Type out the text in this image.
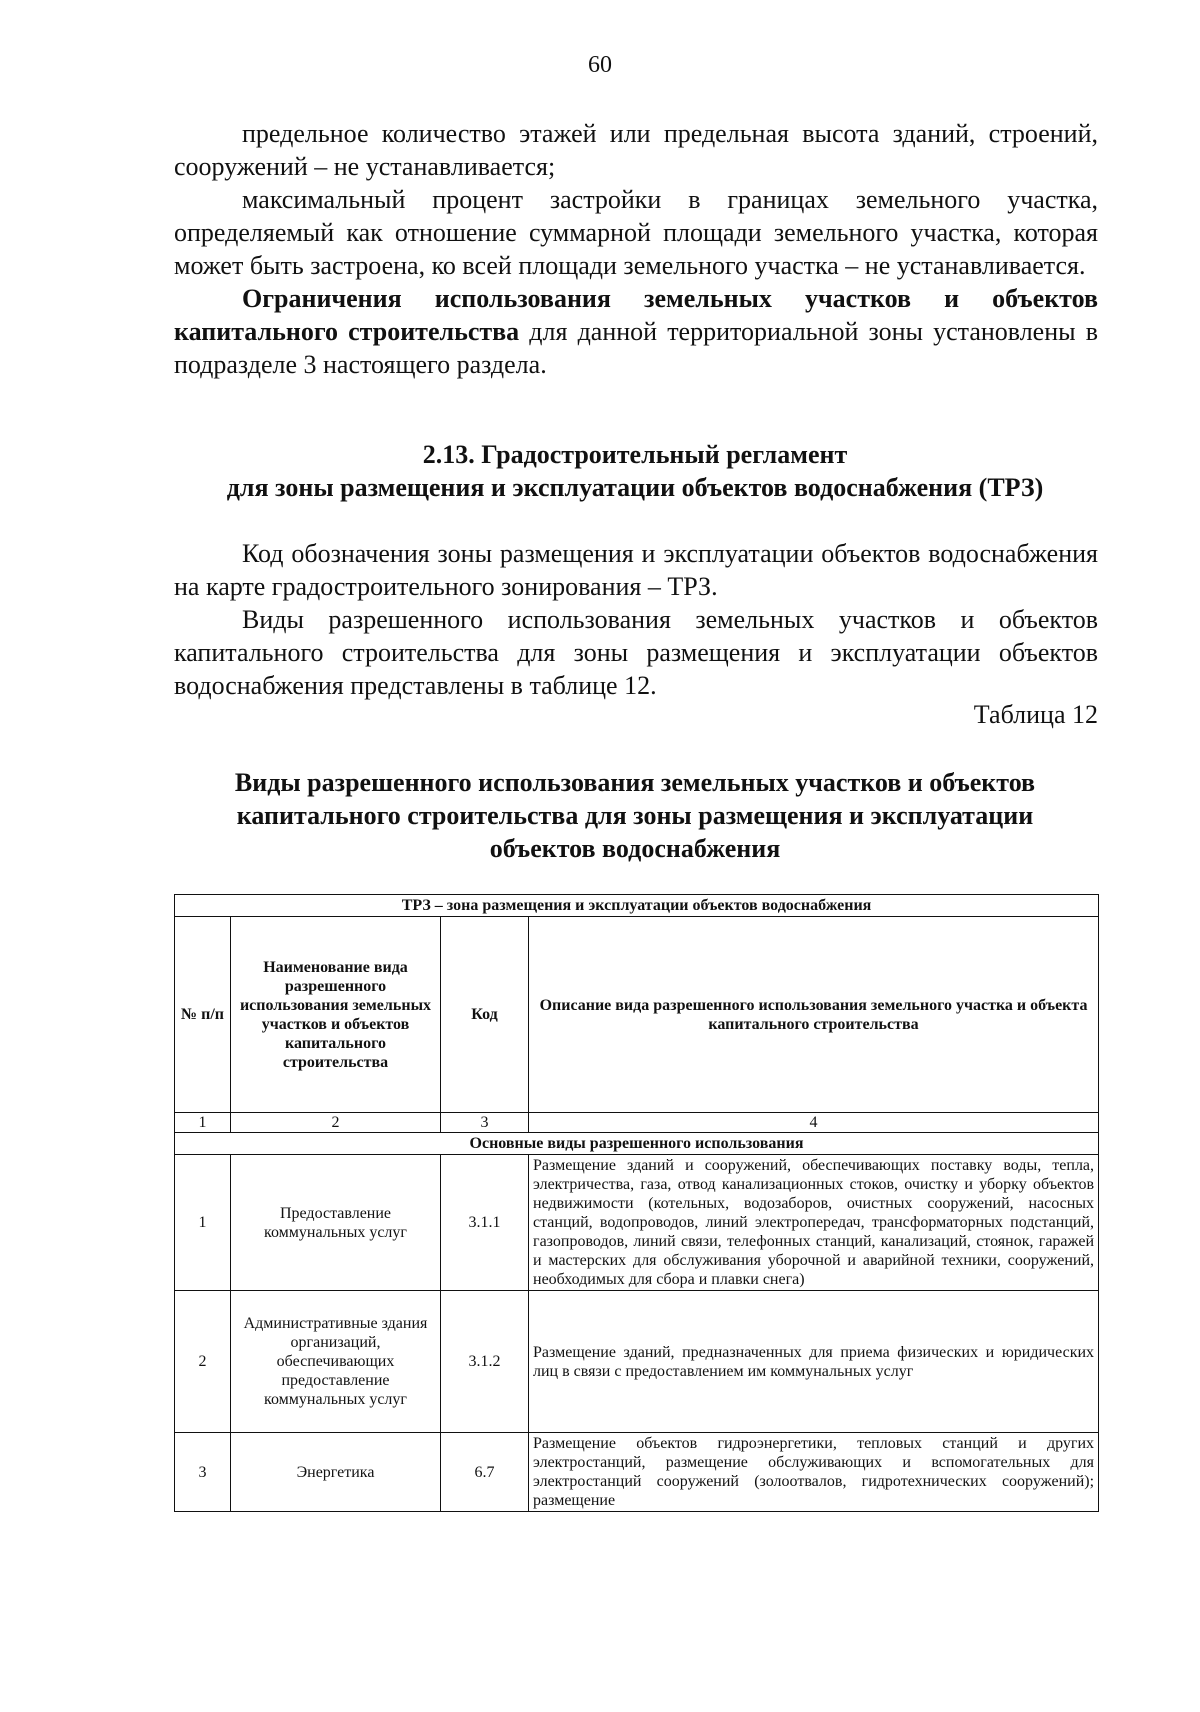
60

предельное количество этажей или предельная высота зданий, строений, сооружений – не устанавливается;

максимальный процент застройки в границах земельного участка, определяемый как отношение суммарной площади земельного участка, которая может быть застроена, ко всей площади земельного участка – не устанавливается.

Ограничения использования земельных участков и объектов капитального строительства для данной территориальной зоны установлены в подразделе 3 настоящего раздела.

2.13. Градостроительный регламент
для зоны размещения и эксплуатации объектов водоснабжения (ТРЗ)

Код обозначения зоны размещения и эксплуатации объектов водоснабжения на карте градостроительного зонирования – ТРЗ.

Виды разрешенного использования земельных участков и объектов капитального строительства для зоны размещения и эксплуатации объектов водоснабжения представлены в таблице 12.

Таблица 12
Виды разрешенного использования земельных участков и объектов
капитального строительства для зоны размещения и эксплуатации
объектов водоснабжения
ТРЗ – зона размещения и эксплуатации объектов водоснабжения			
№ п/п	Наименование вида разрешенного использования земельных участков и объектов капитального строительства	Код	Описание вида разрешенного использования земельного участка и объекта капитального строительства
1	2	3	4
Основные виды разрешенного использования			
1	Предоставление коммунальных услуг	3.1.1	Размещение зданий и сооружений, обеспечивающих поставку воды, тепла, электричества, газа, отвод канализационных стоков, очистку и уборку объектов недвижимости (котельных, водозаборов, очистных сооружений, насосных станций, водопроводов, линий электропередач, трансформаторных подстанций, газопроводов, линий связи, телефонных станций, канализаций, стоянок, гаражей и мастерских для обслуживания уборочной и аварийной техники, сооружений, необходимых для сбора и плавки снега)
2	Административные здания организаций, обеспечивающих предоставление коммунальных услуг	3.1.2	Размещение зданий, предназначенных для приема физических и юридических лиц в связи с предоставлением им коммунальных услуг
3	Энергетика	6.7	Размещение объектов гидроэнергетики, тепловых станций и других электростанций, размещение обслуживающих и вспомогательных для электростанций сооружений (золоотвалов, гидротехнических сооружений); размещение
